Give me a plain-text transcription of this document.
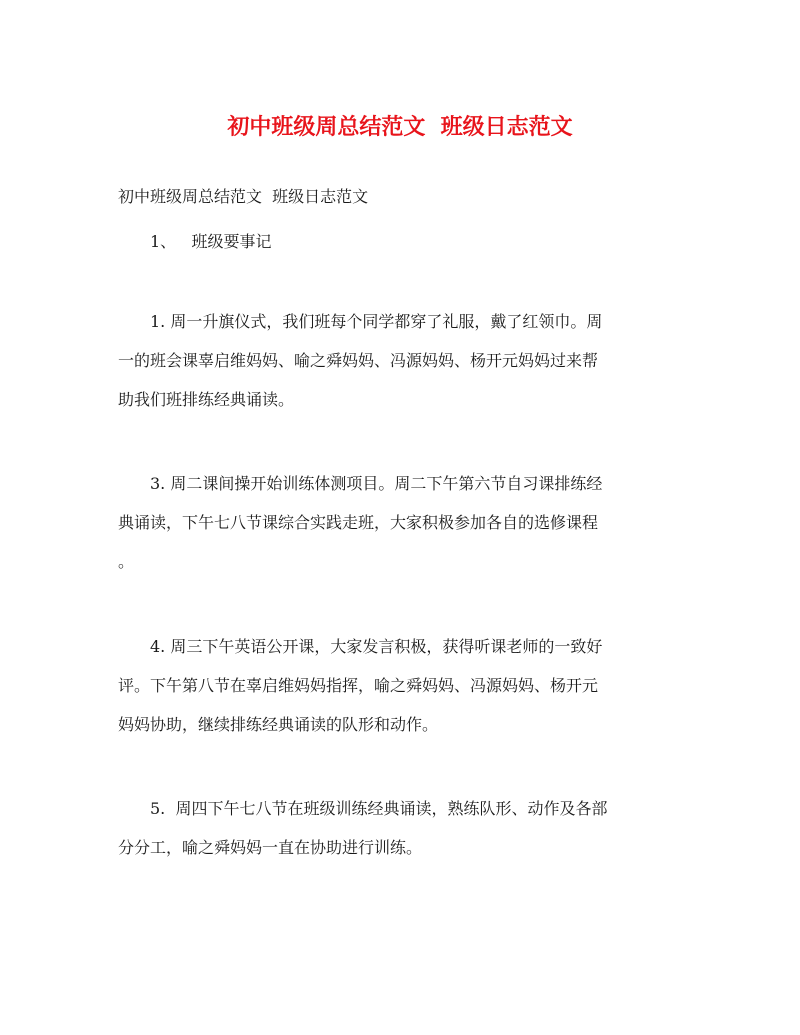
初中班级周总结范文  班级日志范文

初中班级周总结范文  班级日志范文

1、   班级要事记

1. 周一升旗仪式，我们班每个同学都穿了礼服，戴了红领巾。周
一的班会课辜启维妈妈、喻之舜妈妈、冯源妈妈、杨开元妈妈过来帮
助我们班排练经典诵读。

3. 周二课间操开始训练体测项目。周二下午第六节自习课排练经
典诵读，下午七八节课综合实践走班，大家积极参加各自的选修课程
。

4. 周三下午英语公开课，大家发言积极，获得听课老师的一致好
评。下午第八节在辜启维妈妈指挥，喻之舜妈妈、冯源妈妈、杨开元
妈妈协助，继续排练经典诵读的队形和动作。

5.  周四下午七八节在班级训练经典诵读，熟练队形、动作及各部
分分工，喻之舜妈妈一直在协助进行训练。
